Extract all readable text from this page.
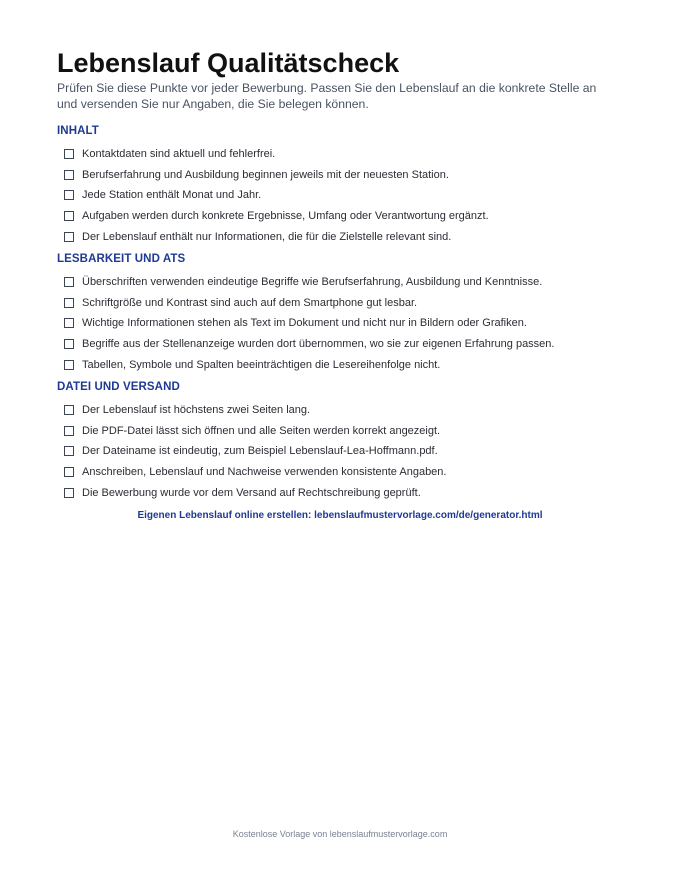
Lebenslauf Qualitätscheck

Prüfen Sie diese Punkte vor jeder Bewerbung. Passen Sie den Lebenslauf an die konkrete Stelle an und versenden Sie nur Angaben, die Sie belegen können.

INHALT
Kontaktdaten sind aktuell und fehlerfrei.
Berufserfahrung und Ausbildung beginnen jeweils mit der neuesten Station.
Jede Station enthält Monat und Jahr.
Aufgaben werden durch konkrete Ergebnisse, Umfang oder Verantwortung ergänzt.
Der Lebenslauf enthält nur Informationen, die für die Zielstelle relevant sind.
LESBARKEIT UND ATS
Überschriften verwenden eindeutige Begriffe wie Berufserfahrung, Ausbildung und Kenntnisse.
Schriftgröße und Kontrast sind auch auf dem Smartphone gut lesbar.
Wichtige Informationen stehen als Text im Dokument und nicht nur in Bildern oder Grafiken.
Begriffe aus der Stellenanzeige wurden dort übernommen, wo sie zur eigenen Erfahrung passen.
Tabellen, Symbole und Spalten beeinträchtigen die Lesereihenfolge nicht.
DATEI UND VERSAND
Der Lebenslauf ist höchstens zwei Seiten lang.
Die PDF-Datei lässt sich öffnen und alle Seiten werden korrekt angezeigt.
Der Dateiname ist eindeutig, zum Beispiel Lebenslauf-Lea-Hoffmann.pdf.
Anschreiben, Lebenslauf und Nachweise verwenden konsistente Angaben.
Die Bewerbung wurde vor dem Versand auf Rechtschreibung geprüft.
Eigenen Lebenslauf online erstellen: lebenslaufmustervorlage.com/de/generator.html
Kostenlose Vorlage von lebenslaufmustervorlage.com
